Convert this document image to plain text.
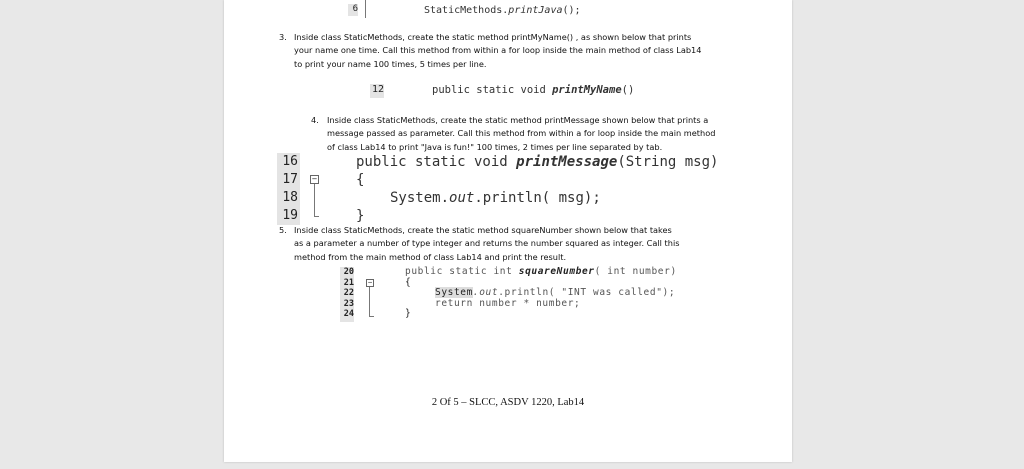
6	StaticMethods.printJava();
3. Inside class StaticMethods, create the static method printMyName() , as shown below that prints
your name one time. Call this method from within a for loop inside the main method of class Lab14
to print your name 100 times, 5 times per line.
12	public static void printMyName()
4. Inside class StaticMethods, create the static method printMessage shown below that prints a
message passed as parameter. Call this method from within a for loop inside the main method
of class Lab14 to print "Java is fun!" 100 times, 2 times per line separated by tab.
16
17
18
19
−
public static void printMessage(String msg)
{
System.out.println( msg);
}
5. Inside class StaticMethods, create the static method squareNumber shown below that takes
as a parameter a number of type integer and returns the number squared as integer. Call this
method from the main method of class Lab14 and print the result.
20
21
22
23
24
−
public static int squareNumber( int number)
{
System.out.println( "INT was called");
return number * number;
}
2 Of 5 – SLCC, ASDV 1220, Lab14
